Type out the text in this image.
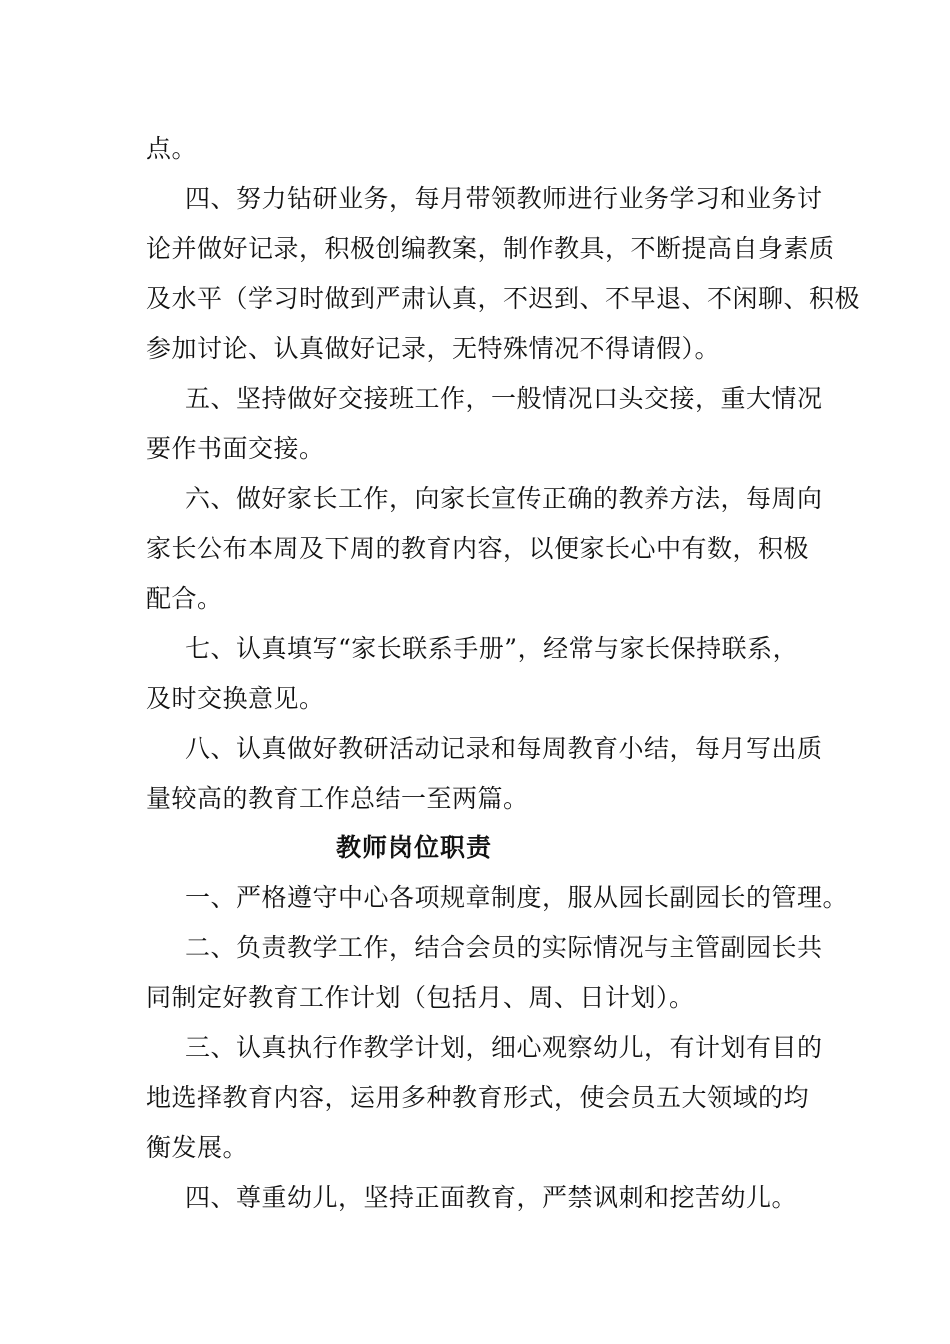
点。
四、努力钻研业务，每月带领教师进行业务学习和业务讨
论并做好记录，积极创编教案，制作教具，不断提高自身素质
及水平（学习时做到严肃认真，不迟到、不早退、不闲聊、积极
参加讨论、认真做好记录，无特殊情况不得请假）。
五、坚持做好交接班工作，一般情况口头交接，重大情况
要作书面交接。
六、做好家长工作，向家长宣传正确的教养方法，每周向
家长公布本周及下周的教育内容，以便家长心中有数，积极
配合。
七、认真填写“家长联系手册”，经常与家长保持联系，
及时交换意见。
八、认真做好教研活动记录和每周教育小结，每月写出质
量较高的教育工作总结一至两篇。
教师岗位职责
一、严格遵守中心各项规章制度，服从园长副园长的管理。
二、负责教学工作，结合会员的实际情况与主管副园长共
同制定好教育工作计划（包括月、周、日计划）。
三、认真执行作教学计划，细心观察幼儿，有计划有目的
地选择教育内容，运用多种教育形式，使会员五大领域的均
衡发展。
四、尊重幼儿，坚持正面教育，严禁讽刺和挖苦幼儿。
